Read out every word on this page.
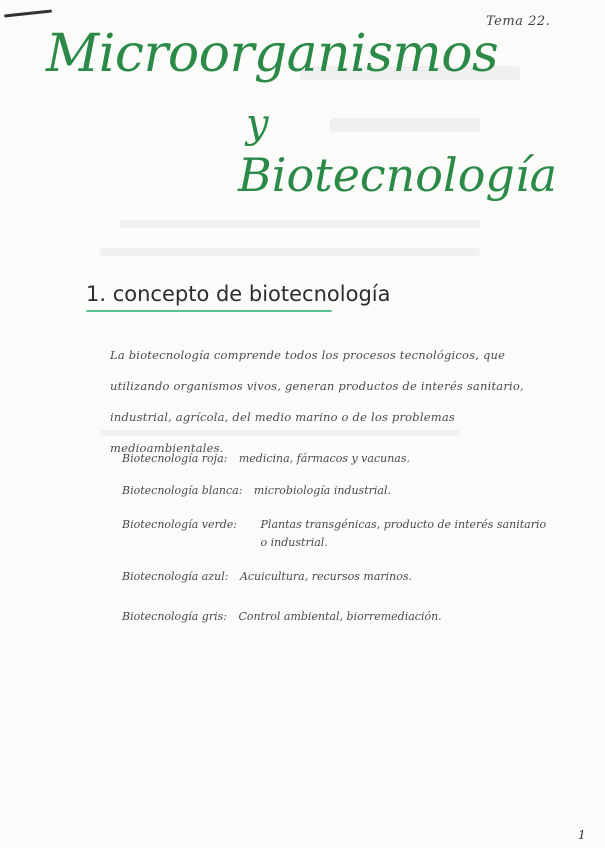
Tema 22.
Microorganismos
y
Biotecnología
1. concepto de biotecnología
La biotecnología comprende todos los procesos tecnológicos, que utilizando organismos vivos, generan productos de interés sanitario, industrial, agrícola, del medio marino o de los problemas medioambientales.
Biotecnología roja: medicina, fármacos y vacunas.
Biotecnología blanca: microbiología industrial.
Biotecnología verde: Plantas transgénicas, producto de interés sanitario o industrial.
Biotecnología azul: Acuicultura, recursos marinos.
Biotecnología gris: Control ambiental, biorremediación.
1
